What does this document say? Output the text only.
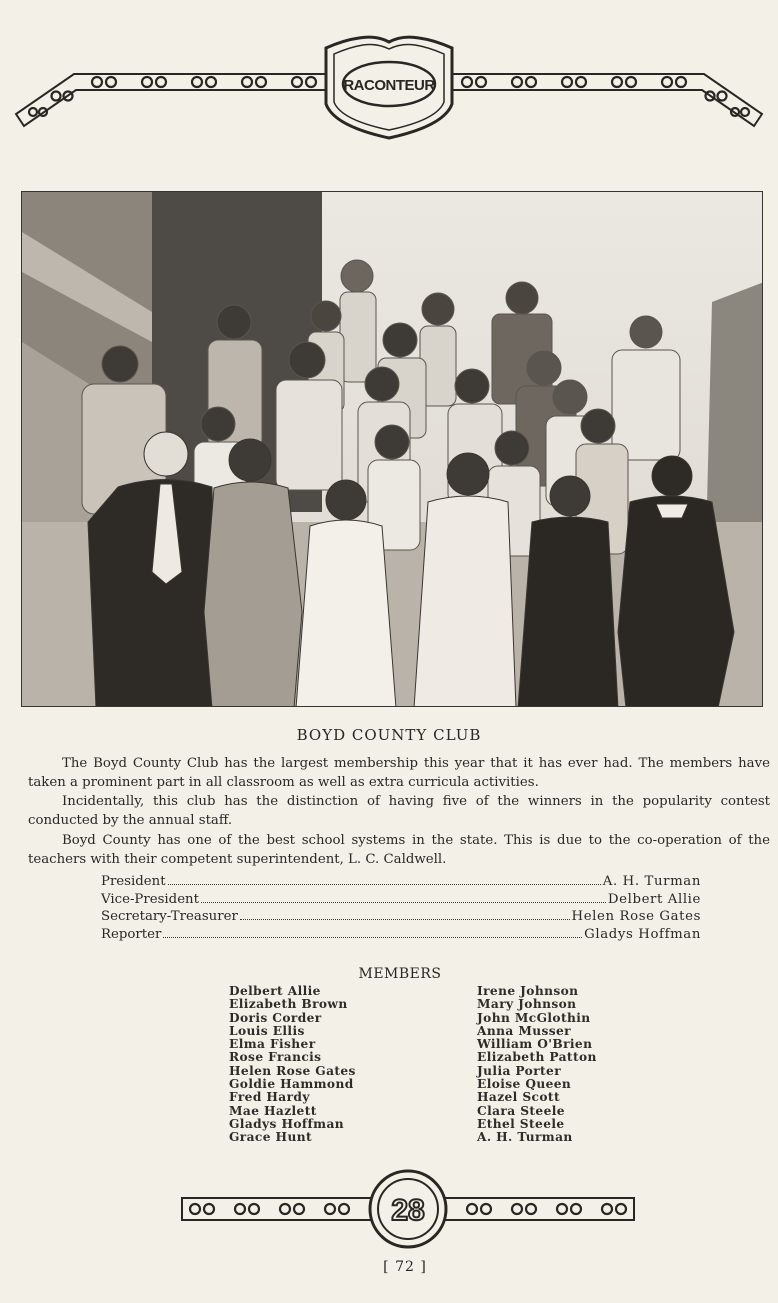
RACONTEUR
BOYD COUNTY CLUB
The Boyd County Club has the largest membership this year that it has ever had. The members have taken a prominent part in all classroom as well as extra curricula activities.
Incidentally, this club has the distinction of having five of the winners in the popularity contest conducted by the annual staff.
Boyd County has one of the best school systems in the state. This is due to the co-operation of the teachers with their competent superintendent, L. C. Caldwell.
President	A. H. Turman
Vice-President	Delbert Allie
Secretary-Treasurer	Helen Rose Gates
Reporter	Gladys Hoffman
MEMBERS
Delbert Allie
Elizabeth Brown
Doris Corder
Louis Ellis
Elma Fisher
Rose Francis
Helen Rose Gates
Goldie Hammond
Fred Hardy
Mae Hazlett
Gladys Hoffman
Grace Hunt
Irene Johnson
Mary Johnson
John McGlothin
Anna Musser
William O'Brien
Elizabeth Patton
Julia Porter
Eloise Queen
Hazel Scott
Clara Steele
Ethel Steele
A. H. Turman
28
[ 72 ]
